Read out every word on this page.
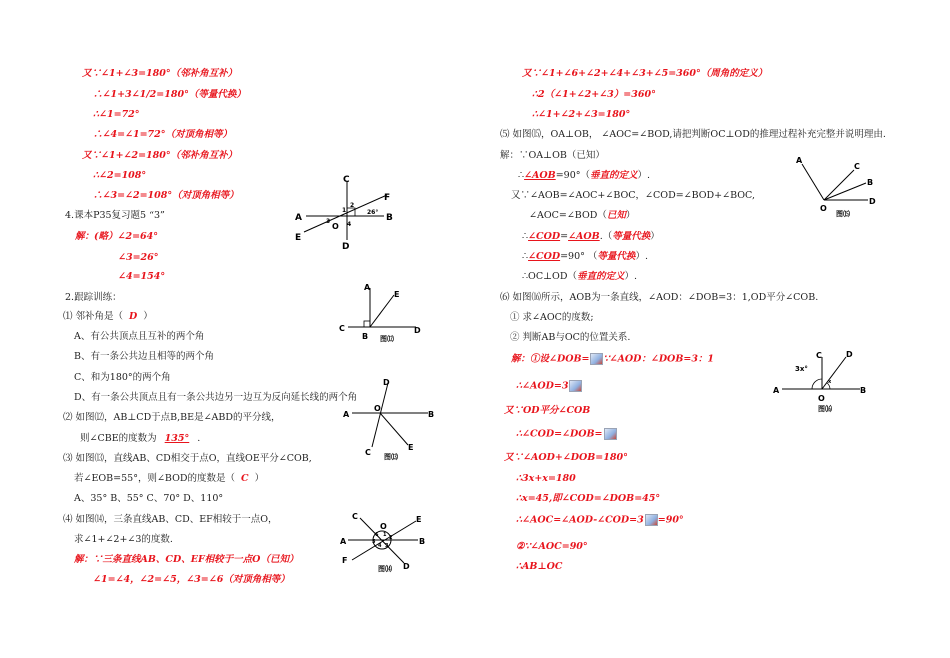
又∵∠1+∠3=180°（邻补角互补）
∴∠1+3∠1/2=180°（等量代换）
∴∠1=72°
∴∠4=∠1=72°（对顶角相等）
又∵∠1+∠2=180°（邻补角互补）
∴∠2=108°
∴∠3=∠2=108°（对顶角相等）
4.课本P35复习题5 “3”
解：(略）∠2=64°
∠3=26°
∠4=154°
2.跟踪训练：
⑴ 邻补角是（ D ）
A、有公共顶点且互补的两个角
B、有一条公共边且相等的两个角
C、和为180°的两个角
D、有一条公共顶点且有一条公共边另一边互为反向延长线的两个角
⑵ 如图⑿，AB⊥CD于点B,BE是∠ABD的平分线，
则∠CBE的度数为 135° .
⑶ 如图⒀，直线AB、CD相交于点O，直线OE平分∠COB,
若∠EOB=55°，则∠BOD的度数是（ C ）
A、35° B、55° C、70° D、110°
⑷ 如图⒁，三条直线AB、CD、EF相较于一点O，
求∠1+∠2+∠3的度数.
解：∵三条直线AB、CD、EF相较于一点O（已知）
∠1=∠4，∠2=∠5，∠3=∠6（对顶角相等）
又∵∠1+∠6+∠2+∠4+∠3+∠5=360°（周角的定义）
∴2（∠1+∠2+∠3）=360°
∴∠1+∠2+∠3=180°
⑸ 如图⒂，OA⊥OB， ∠AOC=∠BOD,请把判断OC⊥OD的推理过程补充完整并说明理由.
解：∵OA⊥OB（已知）
∴∠AOB=90°（垂直的定义）.
又∵∠AOB=∠AOC+∠BOC，∠COD=∠BOD+∠BOC,
∠AOC=∠BOD（已知）
∴∠COD=∠AOB.（等量代换）
∴∠COD=90° （等量代换）.
∴OC⊥OD（垂直的定义）.
⑹ 如图⒃所示，AOB为一条直线，∠AOD：∠DOB=3：1,OD平分∠COB.
① 求∠AOC的度数;
② 判断AB与OC的位置关系.
解：①设∠DOB= ∵∠AOD：∠DOB=3：1
∴∠AOD=3
又∵OD平分∠COB
∴∠COD=∠DOB=
又∵∠AOD+∠DOB=180°
∴3x+x=180
∴x=45,即∠COD=∠DOB=45°
∴∠AOC=∠AOD-∠COD=3 =90°
②∵∠AOC=90°
∴AB⊥OC
C
F
A	B
E
D
O
1
2
3	4
26°
A
E
C
B
D
图⑿
D
A
O
B
C
E
图⒀
C
O
E
A	B
F
D
1 2
3
4
5
6
图⒁
A
C
B
O
D
图⒂
C	D
A
O
B
3x°
x
图⒃
